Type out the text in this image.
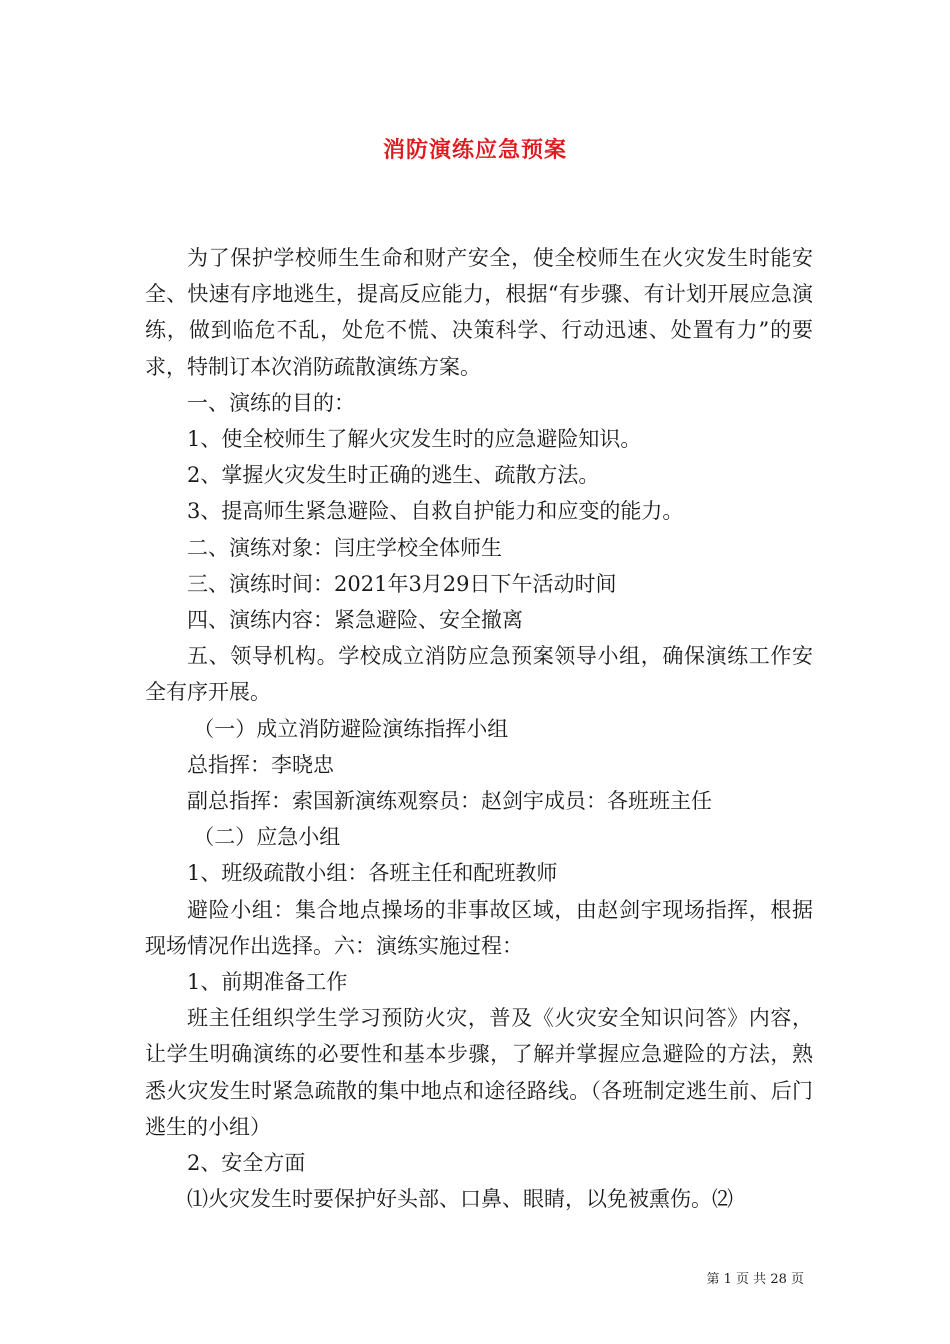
消防演练应急预案

为了保护学校师生生命和财产安全，使全校师生在火灾发生时能安全、快速有序地逃生，提高反应能力，根据“有步骤、有计划开展应急演练，做到临危不乱，处危不慌、决策科学、行动迅速、处置有力”的要求，特制订本次消防疏散演练方案。

一、演练的目的：

1、使全校师生了解火灾发生时的应急避险知识。

2、掌握火灾发生时正确的逃生、疏散方法。

3、提高师生紧急避险、自救自护能力和应变的能力。

二、演练对象：闫庄学校全体师生

三、演练时间：2021年3月29日下午活动时间

四、演练内容：紧急避险、安全撤离

五、领导机构。学校成立消防应急预案领导小组，确保演练工作安全有序开展。

（一）成立消防避险演练指挥小组

总指挥：李晓忠

副总指挥：索国新演练观察员：赵剑宇成员：各班班主任

（二）应急小组

1、班级疏散小组：各班主任和配班教师

避险小组：集合地点操场的非事故区域，由赵剑宇现场指挥，根据现场情况作出选择。六：演练实施过程：

1、前期准备工作

班主任组织学生学习预防火灾，普及《火灾安全知识问答》内容，让学生明确演练的必要性和基本步骤，了解并掌握应急避险的方法，熟悉火灾发生时紧急疏散的集中地点和途径路线。（各班制定逃生前、后门逃生的小组）

2、安全方面

⑴火灾发生时要保护好头部、口鼻、眼睛，以免被熏伤。⑵

第 1 页 共 28 页
